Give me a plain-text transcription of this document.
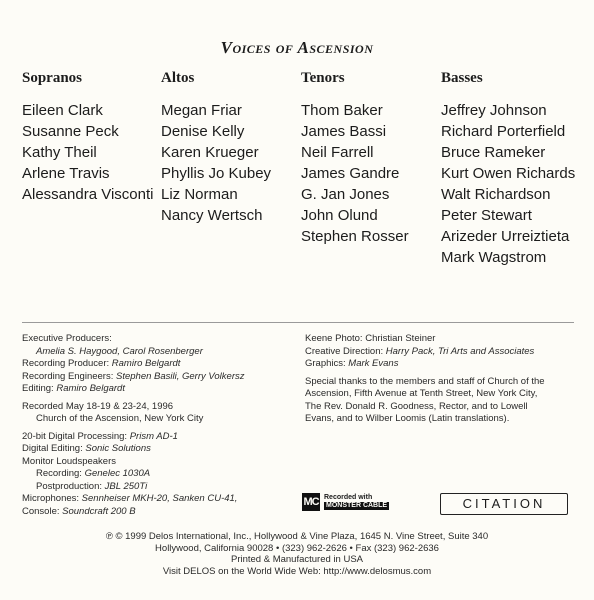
Voices of Ascension
Sopranos
Eileen Clark
Susanne Peck
Kathy Theil
Arlene Travis
Alessandra Visconti
Altos
Megan Friar
Denise Kelly
Karen Krueger
Phyllis Jo Kubey
Liz Norman
Nancy Wertsch
Tenors
Thom Baker
James Bassi
Neil Farrell
James Gandre
G. Jan Jones
John Olund
Stephen Rosser
Basses
Jeffrey Johnson
Richard Porterfield
Bruce Rameker
Kurt Owen Richards
Walt Richardson
Peter Stewart
Arizeder Urreiztieta
Mark Wagstrom
Executive Producers:
Amelia S. Haygood, Carol Rosenberger
Recording Producer: Ramiro Belgardt
Recording Engineers: Stephen Basili, Gerry Volkersz
Editing: Ramiro Belgardt
Recorded May 18-19 & 23-24, 1996
Church of the Ascension, New York City
20-bit Digital Processing: Prism AD-1
Digital Editing: Sonic Solutions
Monitor Loudspeakers
Recording: Genelec 1030A
Postproduction: JBL 250Ti
Microphones: Sennheiser MKH-20, Sanken CU-41,
Console: Soundcraft 200 B
Keene Photo: Christian Steiner
Creative Direction: Harry Pack, Tri Arts and Associates
Graphics: Mark Evans
Special thanks to the members and staff of Church of the
Ascension, Fifth Avenue at Tenth Street, New York City,
The Rev. Donald R. Goodness, Rector, and to Lowell
Evans, and to Wilber Loomis (Latin translations).
MC Recorded with
MONSTER CABLE	CITATION
℗ © 1999 Delos International, Inc., Hollywood & Vine Plaza, 1645 N. Vine Street, Suite 340
Hollywood, California 90028 • (323) 962-2626 • Fax (323) 962-2636
Printed & Manufactured in USA
Visit DELOS on the World Wide Web: http://www.delosmus.com
